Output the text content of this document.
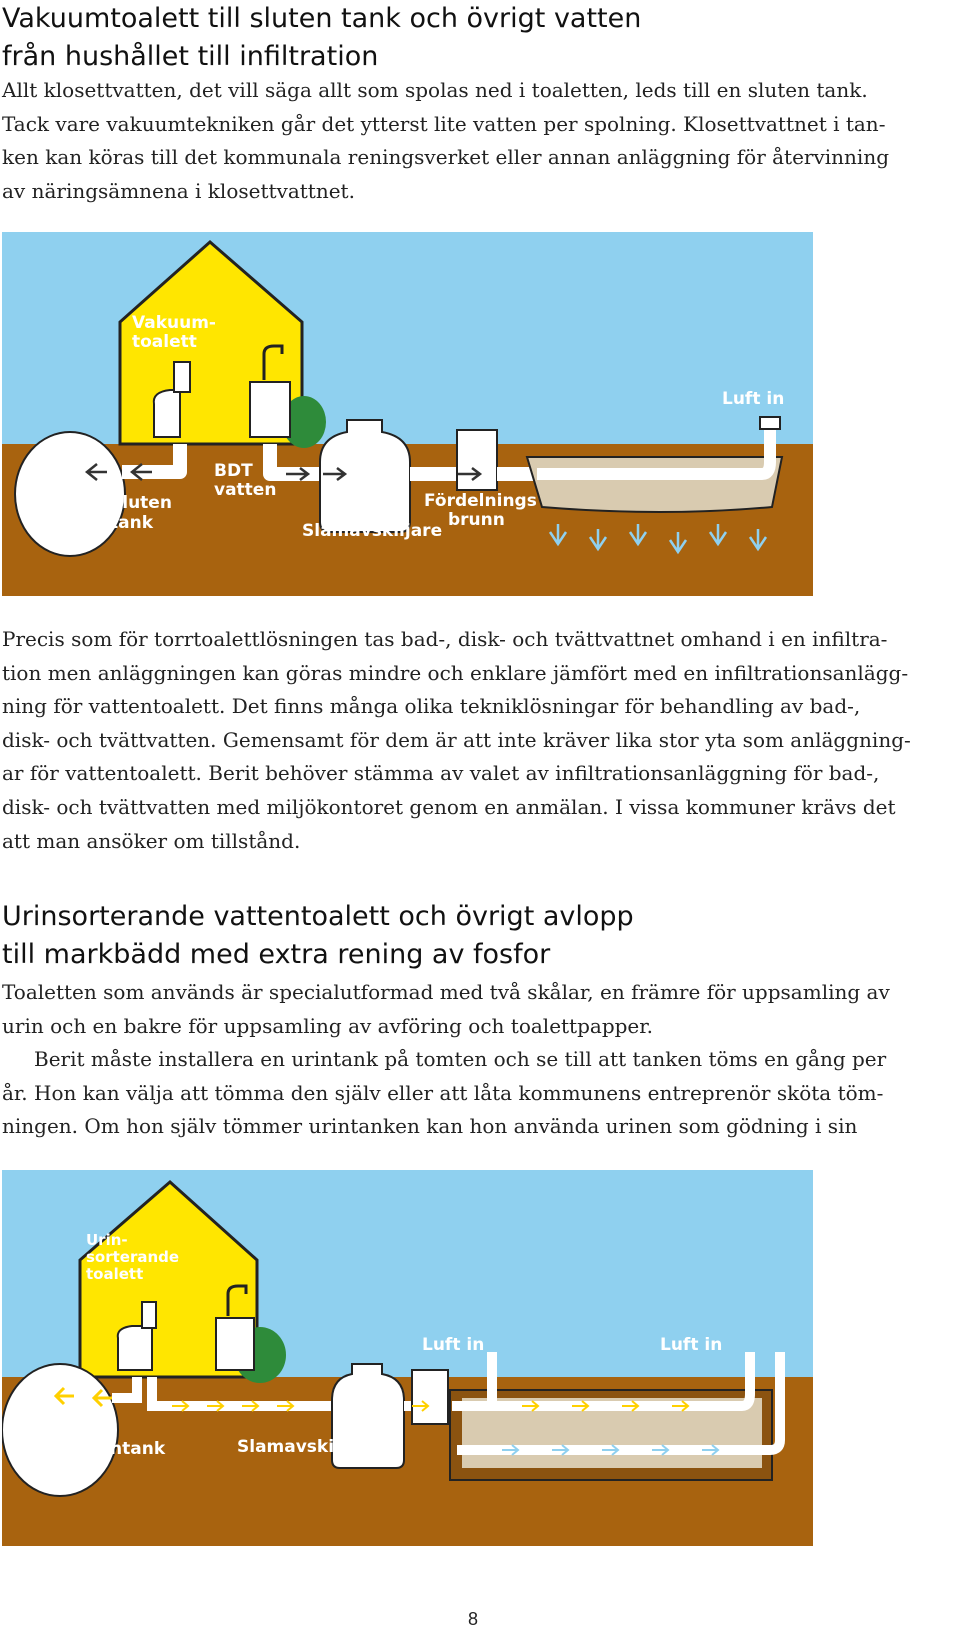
Vakuumtoalett till sluten tank och övrigt vatten
från hushållet till infiltration
Allt klosettvatten, det vill säga allt som spolas ned i toaletten, leds till en sluten tank.
Tack vare vakuumtekniken går det ytterst lite vatten per spolning. Klosettvattnet i tan-
ken kan köras till det kommunala reningsverket eller annan anläggning för återvinning
av näringsämnena i klosettvattnet.
Vakuum-
toalett
Luft in
BDT
vatten
Sluten
tank
Fördelnings
brunn
Slamavskiljare
Precis som för torrtoalettlösningen tas bad-, disk- och tvättvattnet omhand i en infiltra-
tion men anläggningen kan göras mindre och enklare jämfört med en infiltrationsanlägg-
ning för vattentoalett. Det finns många olika tekniklösningar för behandling av bad-,
disk- och tvättvatten. Gemensamt för dem är att inte kräver lika stor yta som anläggning-
ar för vattentoalett. Berit behöver stämma av valet av infiltrationsanläggning för bad-,
disk- och tvättvatten med miljökontoret genom en anmälan. I vissa kommuner krävs det
att man ansöker om tillstånd.
Urinsorterande vattentoalett och övrigt avlopp
till markbädd med extra rening av fosfor
Toaletten som används är specialutformad med två skålar, en främre för uppsamling av
urin och en bakre för uppsamling av avföring och toalettpapper.
Berit måste installera en urintank på tomten och se till att tanken töms en gång per
år. Hon kan välja att tömma den själv eller att låta kommunens entreprenör sköta töm-
ningen. Om hon själv tömmer urintanken kan hon använda urinen som gödning i sin
Urin-
sorterande
toalett
Luft in	Luft in
Urintank	Slamavskiljare
8
